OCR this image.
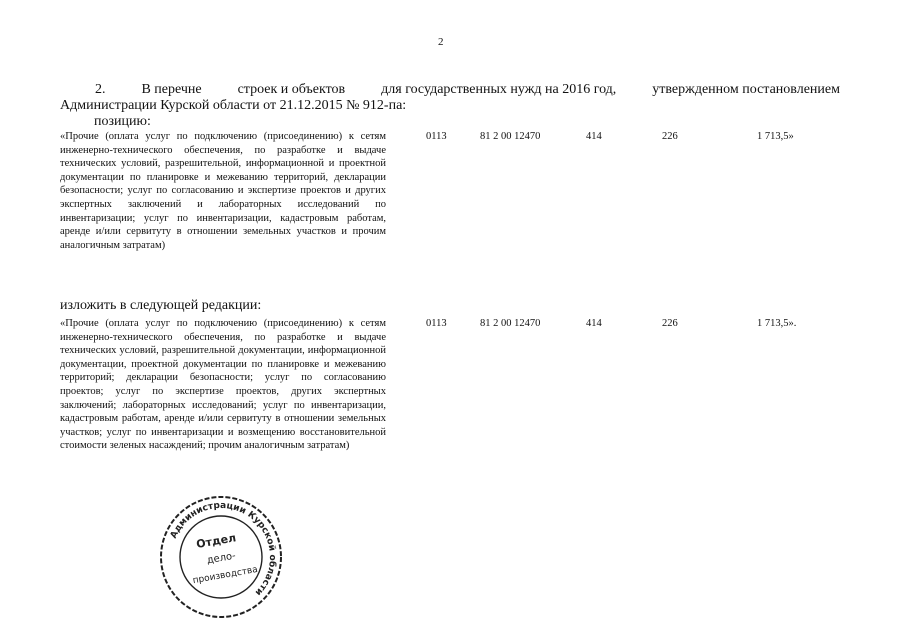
2
2.	В перечне	строек и объектов	для государственных нужд на 2016 год,	утвержденном постановлением
Администрации Курской области от 21.12.2015 № 912-па:
позицию:
«Прочие (оплата услуг по подключению (присоединению) к сетям инженерно-технического обеспечения, по разработке и выдаче технических условий, разрешительной, информационной и проектной документации по планировке и межеванию территорий, декларации безопасности; услуг по согласованию и экспертизе проектов и других экспертных заключений и лабораторных исследований по инвентаризации; услуг по инвентаризации, кадастровым работам, аренде и/или сервитуту в отношении земельных участков и прочим аналогичным затратам)
0113	81 2 00 12470	414	226	1 713,5»
изложить в следующей редакции:
«Прочие (оплата услуг по подключению (присоединению) к сетям инженерно-технического обеспечения, по разработке и выдаче технических условий, разрешительной документации, информационной документации, проектной документации по планировке и межеванию территорий; декларации безопасности; услуг по согласованию проектов; услуг по экспертизе проектов, других экспертных заключений; лабораторных исследований; услуг по инвентаризации, кадастровым работам, аренде и/или сервитуту в отношении земельных участков; услуг по инвентаризации и возмещению восстановительной стоимости зеленых насаждений; прочим аналогичным затратам)
0113	81 2 00 12470	414	226	1 713,5».
Администрации Курской области
Отдел
дело-
производства
